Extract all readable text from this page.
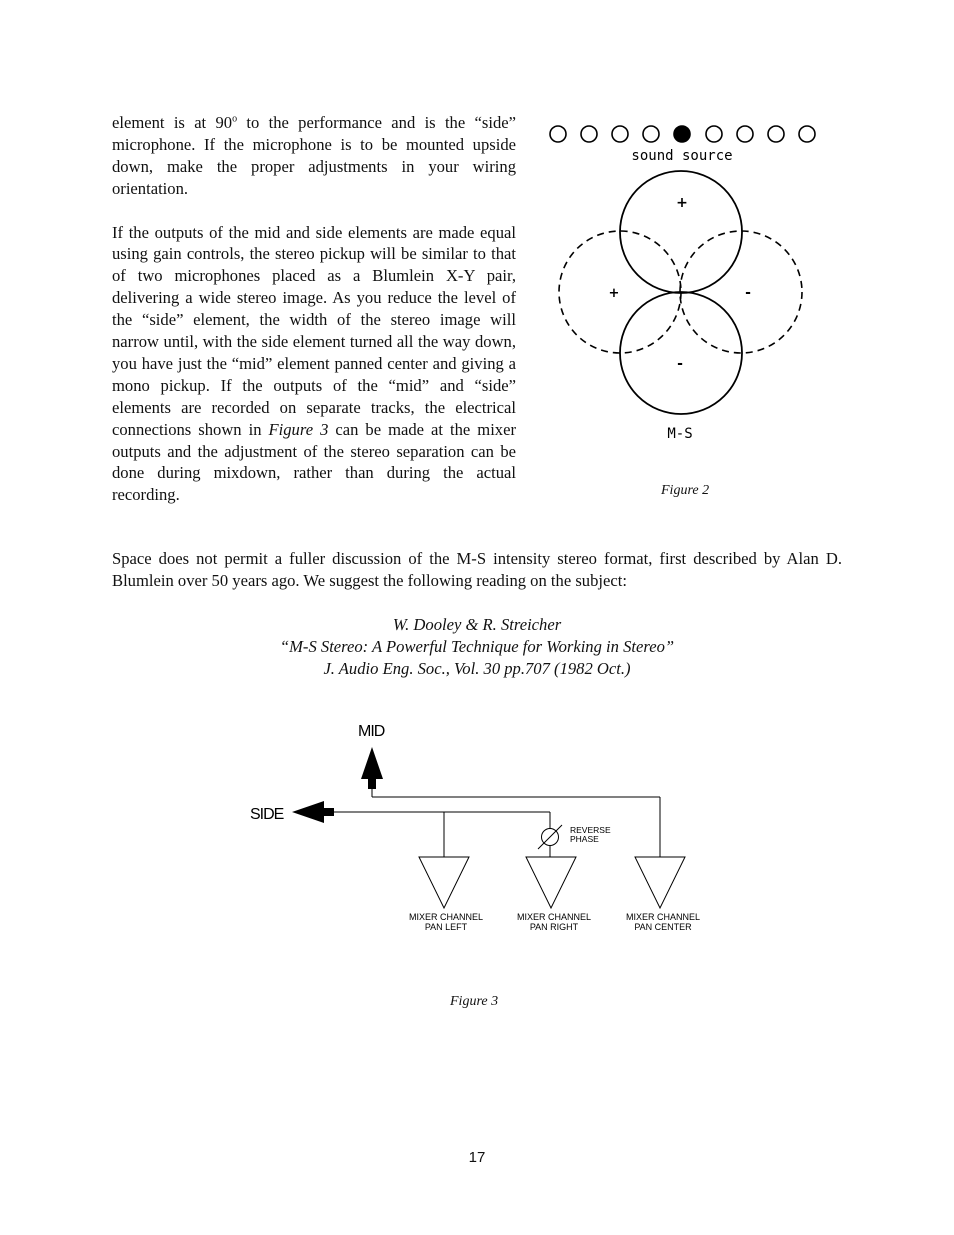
element is at 90$^o$ to the performance and is the “side” microphone. If the microphone is to be mounted upside down, make the proper adjustments in your wiring orientation.

If the outputs of the mid and side elements are made equal using gain controls, the stereo pickup will be similar to that of two microphones placed as a Blumlein X-Y pair, delivering a wide stereo image. As you reduce the level of the “side” element, the width of the stereo image will narrow until, with the side element turned all the way down, you have just the “mid” element panned center and giving a mono pickup. If the outputs of the “mid” and “side” elements are recorded on separate tracks, the electrical connections shown in Figure 3 can be made at the mixer outputs and the adjustment of the stereo separation can be done during mixdown, rather than during the actual recording.

sound source
+
+	-
-
M-S
Figure 2

Space does not permit a fuller discussion of the M-S intensity stereo format, first described by Alan D. Blumlein over 50 years ago. We suggest the following reading on the subject:

W. Dooley & R. Streicher
“M-S Stereo: A Powerful Technique for Working in Stereo”
J. Audio Eng. Soc., Vol. 30 pp.707 (1982 Oct.)
MID
SIDE
REVERSE
PHASE
MIXER CHANNEL
PAN LEFT
MIXER CHANNEL
PAN RIGHT
MIXER CHANNEL
PAN CENTER
Figure 3
17
